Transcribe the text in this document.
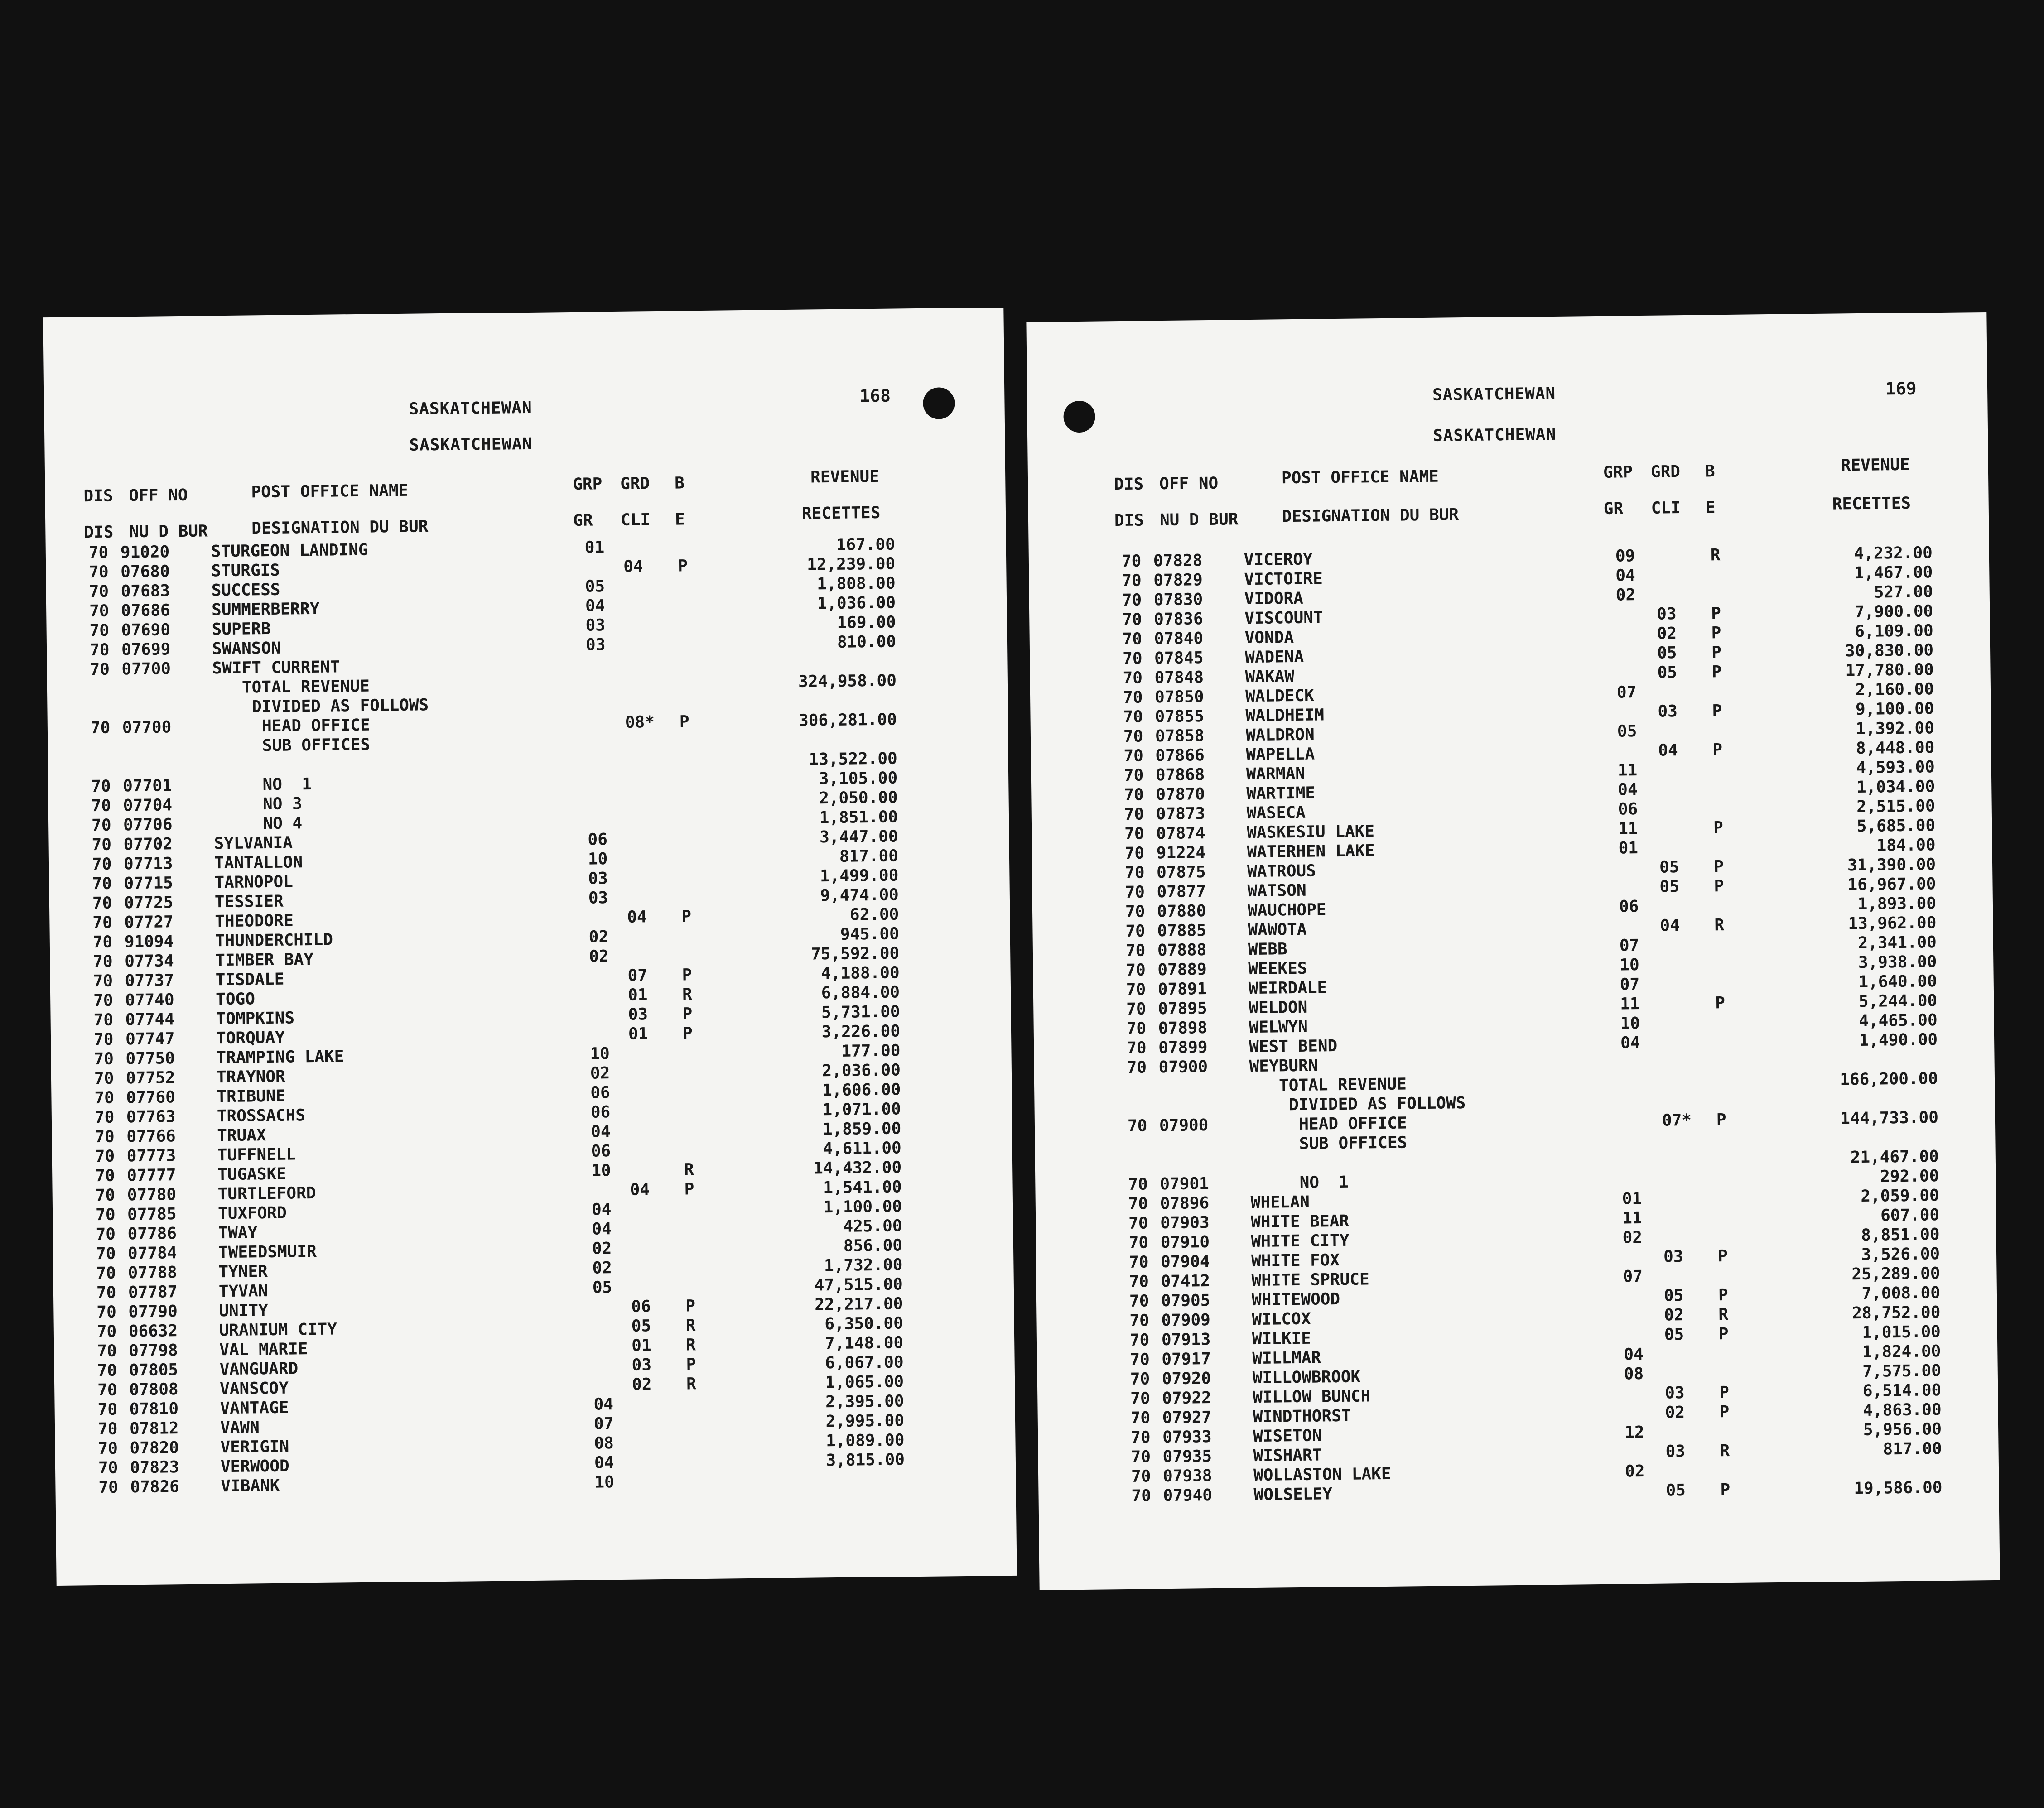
SASKATCHEWAN
168
SASKATCHEWAN
DIS OFF NO	POST OFFICE NAME	GRP GRD B	REVENUE
DIS NU D BUR	DESIGNATION DU BUR	GR CLI E	RECETTES
70 91020	STURGEON LANDING	01	167.00
70 07680	STURGIS	04 P	12,239.00
70 07683	SUCCESS	05	1,808.00
70 07686	SUMMERBERRY	04	1,036.00
70 07690	SUPERB	03	169.00
70 07699	SWANSON	03	810.00
70 07700	SWIFT CURRENT
TOTAL REVENUE	324,958.00
DIVIDED AS FOLLOWS
70 07700	HEAD OFFICE	08* P	306,281.00
SUB OFFICES
13,522.00
70 07701	NO  1	3,105.00
70 07704	NO 3	2,050.00
70 07706	NO 4	1,851.00
70 07702	SYLVANIA	06	3,447.00
70 07713	TANTALLON	10	817.00
70 07715	TARNOPOL	03	1,499.00
70 07725	TESSIER	03	9,474.00
70 07727	THEODORE	04 P	62.00
70 91094	THUNDERCHILD	02	945.00
70 07734	TIMBER BAY	02	75,592.00
70 07737	TISDALE	07 P	4,188.00
70 07740	TOGO	01 R	6,884.00
70 07744	TOMPKINS	03 P	5,731.00
70 07747	TORQUAY	01 P	3,226.00
70 07750	TRAMPING LAKE	10	177.00
70 07752	TRAYNOR	02	2,036.00
70 07760	TRIBUNE	06	1,606.00
70 07763	TROSSACHS	06	1,071.00
70 07766	TRUAX	04	1,859.00
70 07773	TUFFNELL	06	4,611.00
70 07777	TUGASKE	10	R	14,432.00
70 07780	TURTLEFORD	04 P	1,541.00
70 07785	TUXFORD	04	1,100.00
70 07786	TWAY	04	425.00
70 07784	TWEEDSMUIR	02	856.00
70 07788	TYNER	02	1,732.00
70 07787	TYVAN	05	47,515.00
70 07790	UNITY	06 P	22,217.00
70 06632	URANIUM CITY	05 R	6,350.00
70 07798	VAL MARIE	01 R	7,148.00
70 07805	VANGUARD	03 P	6,067.00
70 07808	VANSCOY	02 R	1,065.00
70 07810	VANTAGE	04	2,395.00
70 07812	VAWN	07	2,995.00
70 07820	VERIGIN	08	1,089.00
70 07823	VERWOOD	04	3,815.00
70 07826	VIBANK	10
SASKATCHEWAN	169
SASKATCHEWAN
DIS OFF NO	POST OFFICE NAME	GRP GRD B	REVENUE
DIS NU D BUR	DESIGNATION DU BUR	GR CLI E	RECETTES
70 07828	VICEROY	09	R	4,232.00
70 07829	VICTOIRE	04	1,467.00
70 07830	VIDORA	02	527.00
70 07836	VISCOUNT	03 P	7,900.00
70 07840	VONDA	02 P	6,109.00
70 07845	WADENA	05 P	30,830.00
70 07848	WAKAW	05 P	17,780.00
70 07850	WALDECK	07	2,160.00
70 07855	WALDHEIM	03 P	9,100.00
70 07858	WALDRON	05	1,392.00
70 07866	WAPELLA	04 P	8,448.00
70 07868	WARMAN	11	4,593.00
70 07870	WARTIME	04	1,034.00
70 07873	WASECA	06	2,515.00
70 07874	WASKESIU LAKE	11	P	5,685.00
70 91224	WATERHEN LAKE	01	184.00
70 07875	WATROUS	05 P	31,390.00
70 07877	WATSON	05 P	16,967.00
70 07880	WAUCHOPE	06	1,893.00
70 07885	WAWOTA	04 R	13,962.00
70 07888	WEBB	07	2,341.00
70 07889	WEEKES	10	3,938.00
70 07891	WEIRDALE	07	1,640.00
70 07895	WELDON	11	P	5,244.00
70 07898	WELWYN	10	4,465.00
70 07899	WEST BEND	04	1,490.00
70 07900	WEYBURN
TOTAL REVENUE	166,200.00
DIVIDED AS FOLLOWS
70 07900	HEAD OFFICE	07* P	144,733.00
SUB OFFICES
21,467.00
70 07901	NO  1	292.00
70 07896	WHELAN	01	2,059.00
70 07903	WHITE BEAR	11	607.00
70 07910	WHITE CITY	02	8,851.00
70 07904	WHITE FOX	03 P	3,526.00
70 07412	WHITE SPRUCE	07	25,289.00
70 07905	WHITEWOOD	05 P	7,008.00
70 07909	WILCOX	02 R	28,752.00
70 07913	WILKIE	05 P	1,015.00
70 07917	WILLMAR	04	1,824.00
70 07920	WILLOWBROOK	08	7,575.00
70 07922	WILLOW BUNCH	03 P	6,514.00
70 07927	WINDTHORST	02 P	4,863.00
70 07933	WISETON	12	5,956.00
70 07935	WISHART	03 R	817.00
70 07938	WOLLASTON LAKE	02
70 07940	WOLSELEY	05 P	19,586.00
